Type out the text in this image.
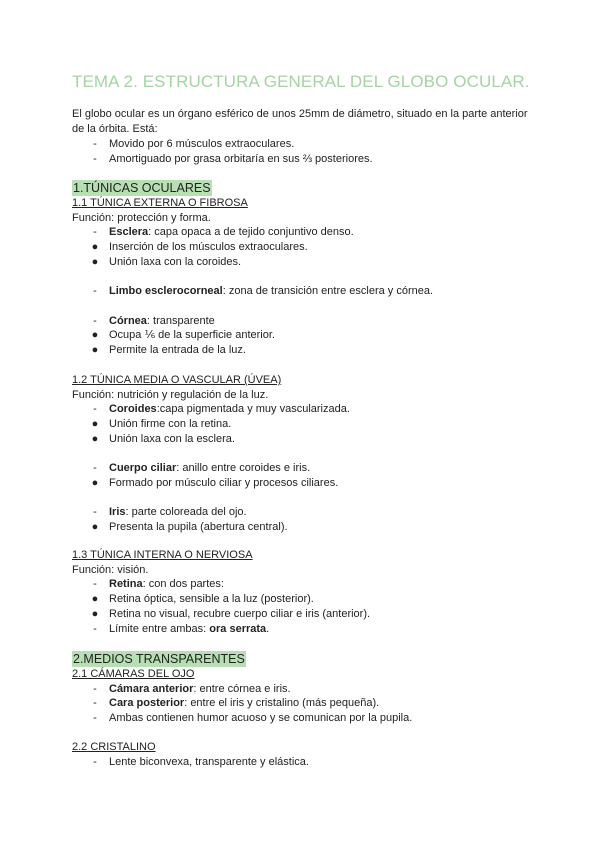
TEMA 2. ESTRUCTURA GENERAL DEL GLOBO OCULAR.

El globo ocular es un órgano esférico de unos 25mm de diámetro, situado en la parte anterior de la órbita. Está:

-	Movido por 6 músculos extraoculares.
-	Amortiguado por grasa orbitaría en sus ⅔ posteriores.
1.TÚNICAS OCULARES
1.1 TÚNICA EXTERNA O FIBROSA
Función: protección y forma.
-	Esclera: capa opaca a de tejido conjuntivo denso.
● Inserción de los músculos extraoculares.
● Unión laxa con la coroides.
-	Limbo esclerocorneal: zona de transición entre esclera y córnea.
-	Córnea: transparente
● Ocupa ⅙ de la superficie anterior.
● Permite la entrada de la luz.
1.2 TÚNICA MEDIA O VASCULAR (ÚVEA)
Función: nutrición y regulación de la luz.
-	Coroides:capa pigmentada y muy vascularizada.
● Unión firme con la retina.
● Unión laxa con la esclera.
-	Cuerpo ciliar: anillo entre coroides e iris.
● Formado por músculo ciliar y procesos ciliares.
-	Iris: parte coloreada del ojo.
● Presenta la pupila (abertura central).
1.3 TÚNICA INTERNA O NERVIOSA
Función: visión.
-	Retina: con dos partes:
● Retina óptica, sensible a la luz (posterior).
● Retina no visual, recubre cuerpo ciliar e iris (anterior).
-	Límite entre ambas: ora serrata.
2.MEDIOS TRANSPARENTES
2.1 CÁMARAS DEL OJO
-	Cámara anterior: entre córnea e iris.
-	Cara posterior: entre el iris y cristalino (más pequeña).
-	Ambas contienen humor acuoso y se comunican por la pupila.
2.2 CRISTALINO
-	Lente biconvexa, transparente y elástica.
